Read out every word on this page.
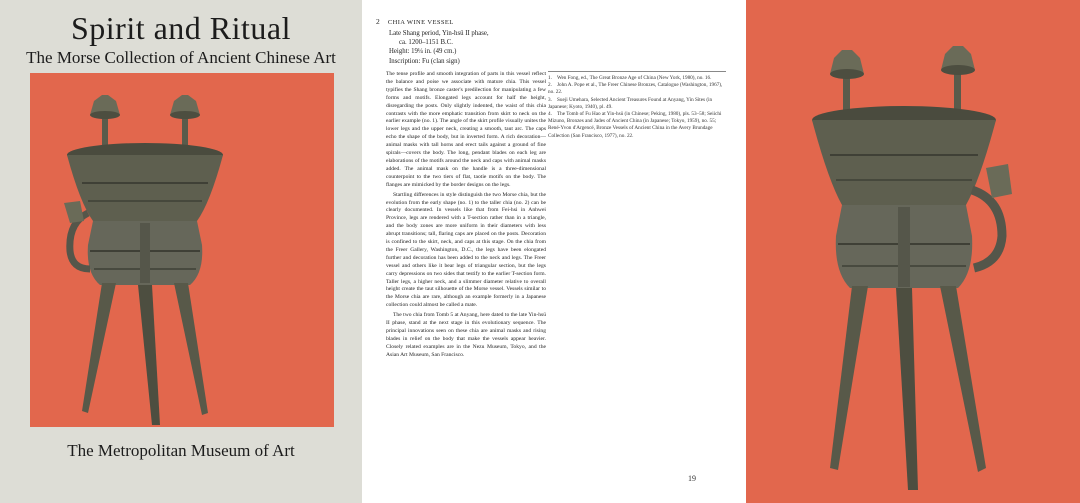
Spirit and Ritual
The Morse Collection of Ancient Chinese Art
The Metropolitan Museum of Art
2 CHIA WINE VESSEL
Late Shang period, Yin-hsü II phase,
ca. 1200–1151 B.C.
Height: 19¼ in. (49 cm.)
Inscription: Fu (clan sign)

The tense profile and smooth integration of parts in this vessel reflect the balance and poise we associate with mature chia. This vessel typifies the Shang bronze caster's predilection for manipulating a few forms and motifs. Elongated legs account for half the height, disregarding the posts. Only slightly indented, the waist of this chia contrasts with the more emphatic transition from skirt to neck on the earlier example (no. 1). The angle of the skirt profile visually unites the lower legs and the upper neck, creating a smooth, taut arc. The caps echo the shape of the body, but in inverted form. A rich decoration—animal masks with tall horns and erect tails against a ground of fine spirals—covers the body. The long, pendant blades on each leg are elaborations of the motifs around the neck and caps with animal masks added. The animal mask on the handle is a three-dimensional counterpoint to the two tiers of flat, taotie motifs on the body. The flanges are mimicked by the border designs on the legs.

Startling differences in style distinguish the two Morse chia, but the evolution from the early shape (no. 1) to the taller chia (no. 2) can be clearly documented. In vessels like that from Fei-hsi in Anhwei Province, legs are rendered with a T-section rather than in a triangle, and the body zones are more uniform in their diameters with less abrupt transitions; tall, flaring caps are placed on the posts. Decoration is confined to the skirt, neck, and caps at this stage. On the chia from the Freer Gallery, Washington, D.C., the legs have been elongated further and decoration has been added to the neck and legs. The Freer vessel and others like it bear legs of triangular section, but the legs carry depressions on two sides that testify to the earlier T-section form. Taller legs, a higher neck, and a slimmer diameter relative to overall height create the taut silhouette of the Morse vessel. Vessels similar to the Morse chia are rare, although an example formerly in a Japanese collection could almost be called a mate.

The two chia from Tomb 5 at Anyang, here dated to the late Yin-hsü II phase, stand at the next stage in this evolutionary sequence. The principal innovations seen on these chia are animal masks and rising blades in relief on the body that make the vessels appear heavier. Closely related examples are in the Nezu Museum, Tokyo, and the Asian Art Museum, San Francisco.

1. Wen Fong, ed., The Great Bronze Age of China (New York, 1980), no. 16.
2. John A. Pope et al., The Freer Chinese Bronzes, Catalogue (Washington, 1967), no. 22.
3. Sueji Umehara, Selected Ancient Treasures Found at Anyang, Yin Sites (in Japanese; Kyoto, 1940), pl. 49.
4. The Tomb of Fu Hao at Yin-hsü (in Chinese; Peking, 1980), pls. 53–58; Seiichi Mizuno, Bronzes and Jades of Ancient China (in Japanese; Tokyo, 1959), no. 55; René-Yvon d'Argencé, Bronze Vessels of Ancient China in the Avery Brundage Collection (San Francisco, 1977), no. 22.
19
